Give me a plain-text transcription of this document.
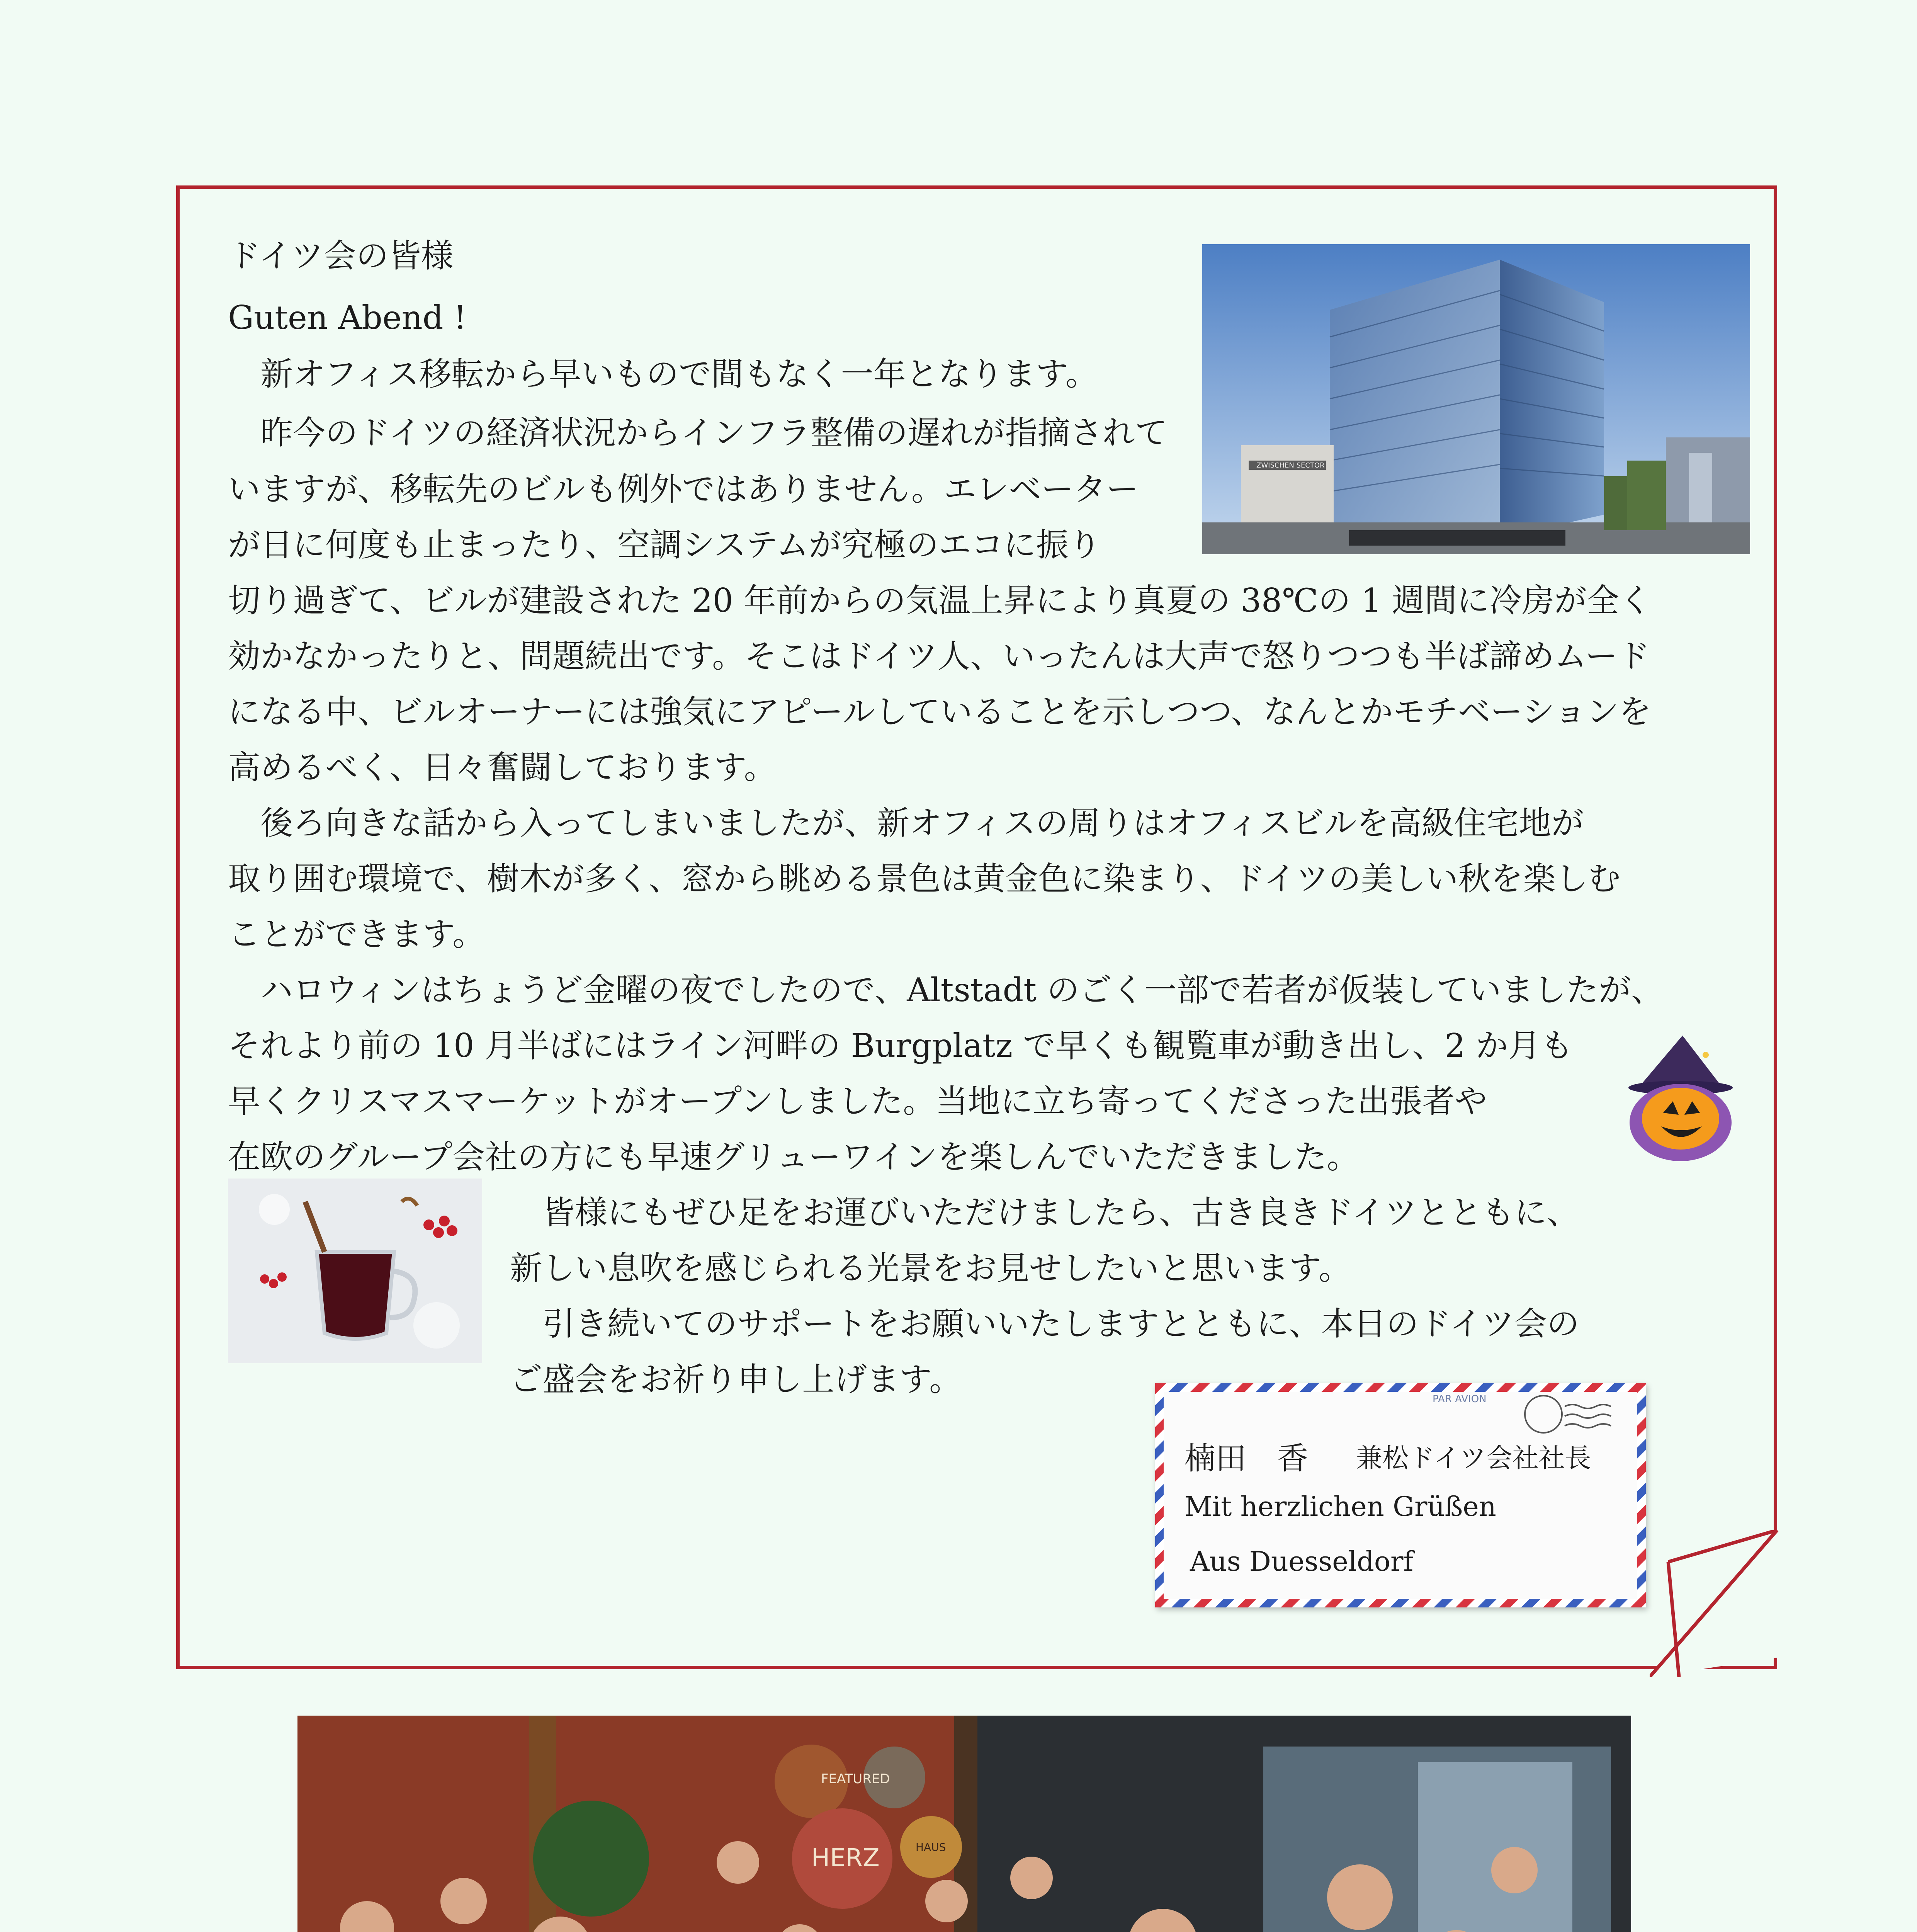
ドイツ会の皆様
Guten Abend !
　新オフィス移転から早いもので間もなく一年となります。
　昨今のドイツの経済状況からインフラ整備の遅れが指摘されて
いますが、移転先のビルも例外ではありません。エレベーター
が日に何度も止まったり、空調システムが究極のエコに振り
切り過ぎて、ビルが建設された 20 年前からの気温上昇により真夏の 38℃の 1 週間に冷房が全く
効かなかったりと、問題続出です。そこはドイツ人、いったんは大声で怒りつつも半ば諦めムード
になる中、ビルオーナーには強気にアピールしていることを示しつつ、なんとかモチベーションを
高めるべく、日々奮闘しております。
　後ろ向きな話から入ってしまいましたが、新オフィスの周りはオフィスビルを高級住宅地が
取り囲む環境で、樹木が多く、窓から眺める景色は黄金色に染まり、ドイツの美しい秋を楽しむ
ことができます。
　ハロウィンはちょうど金曜の夜でしたので、Altstadt のごく一部で若者が仮装していましたが、
それより前の 10 月半ばにはライン河畔の Burgplatz で早くも観覧車が動き出し、2 か月も
早くクリスマスマーケットがオープンしました。当地に立ち寄ってくださった出張者や
在欧のグループ会社の方にも早速グリューワインを楽しんでいただきました。
　皆様にもぜひ足をお運びいただけましたら、古き良きドイツとともに、
新しい息吹を感じられる光景をお見せしたいと思います。
　引き続いてのサポートをお願いいたしますとともに、本日のドイツ会の
ご盛会をお祈り申し上げます。
ZWISCHEN SECTOR
PAR AVION
楠田　香 兼松ドイツ会社社長
Mit herzlichen Grüßen
Aus Duesseldorf
FEATURED
HERZ	HAUS
